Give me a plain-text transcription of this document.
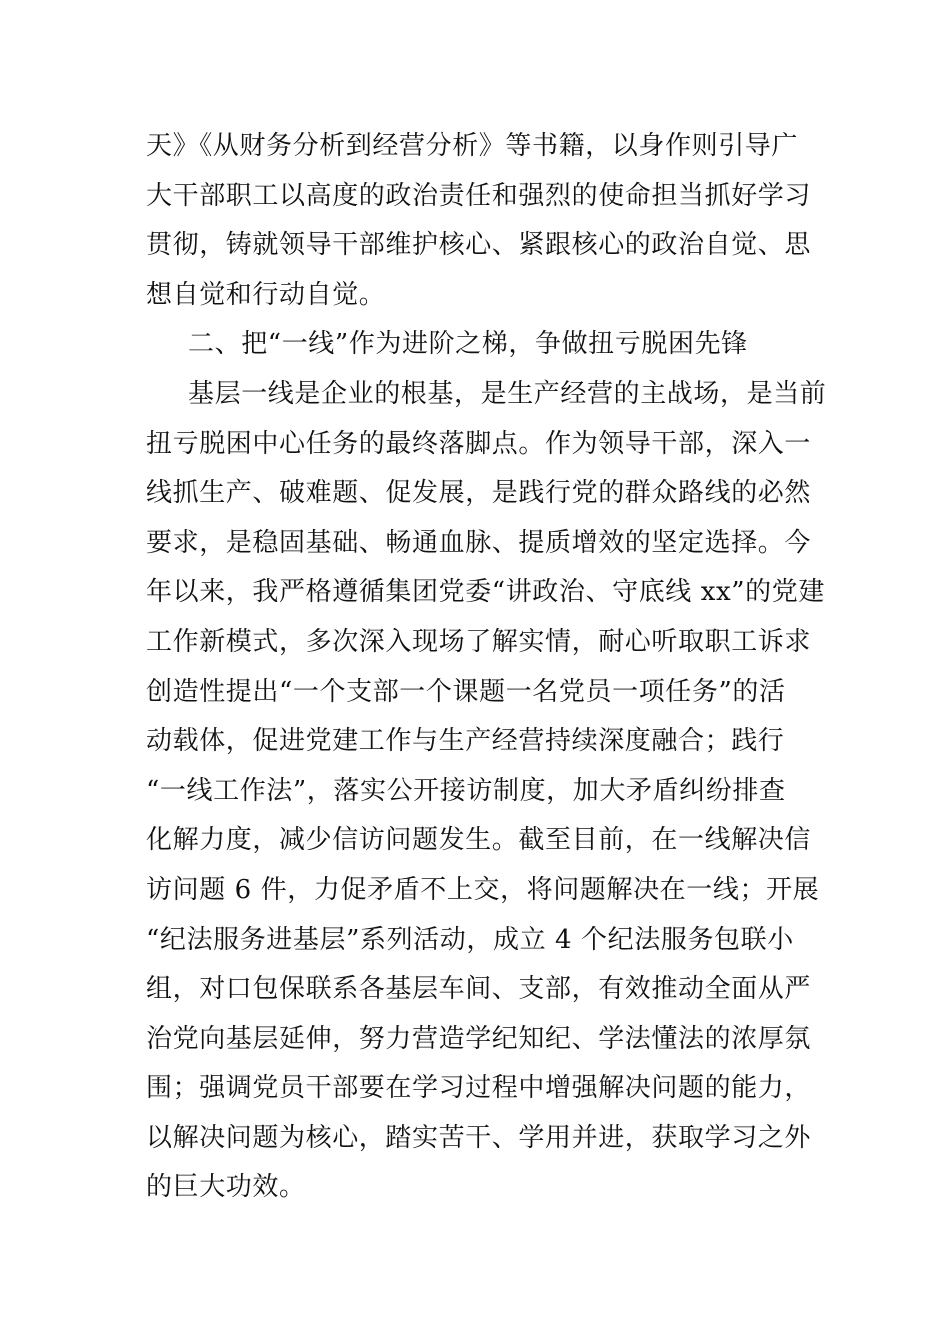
天》《从财务分析到经营分析》等书籍，以身作则引导广
大干部职工以高度的政治责任和强烈的使命担当抓好学习
贯彻，铸就领导干部维护核心、紧跟核心的政治自觉、思
想自觉和行动自觉。
二、把“一线”作为进阶之梯，争做扭亏脱困先锋
基层一线是企业的根基，是生产经营的主战场，是当前
扭亏脱困中心任务的最终落脚点。作为领导干部，深入一
线抓生产、破难题、促发展，是践行党的群众路线的必然
要求，是稳固基础、畅通血脉、提质增效的坚定选择。今
年以来，我严格遵循集团党委“讲政治、守底线 xx”的党建
工作新模式，多次深入现场了解实情，耐心听取职工诉求
创造性提出“一个支部一个课题一名党员一项任务”的活
动载体，促进党建工作与生产经营持续深度融合；践行
“一线工作法”，落实公开接访制度，加大矛盾纠纷排查
化解力度，减少信访问题发生。截至目前，在一线解决信
访问题 6 件，力促矛盾不上交，将问题解决在一线；开展
“纪法服务进基层”系列活动，成立 4 个纪法服务包联小
组，对口包保联系各基层车间、支部，有效推动全面从严
治党向基层延伸，努力营造学纪知纪、学法懂法的浓厚氛
围；强调党员干部要在学习过程中增强解决问题的能力，
以解决问题为核心，踏实苦干、学用并进，获取学习之外
的巨大功效。
